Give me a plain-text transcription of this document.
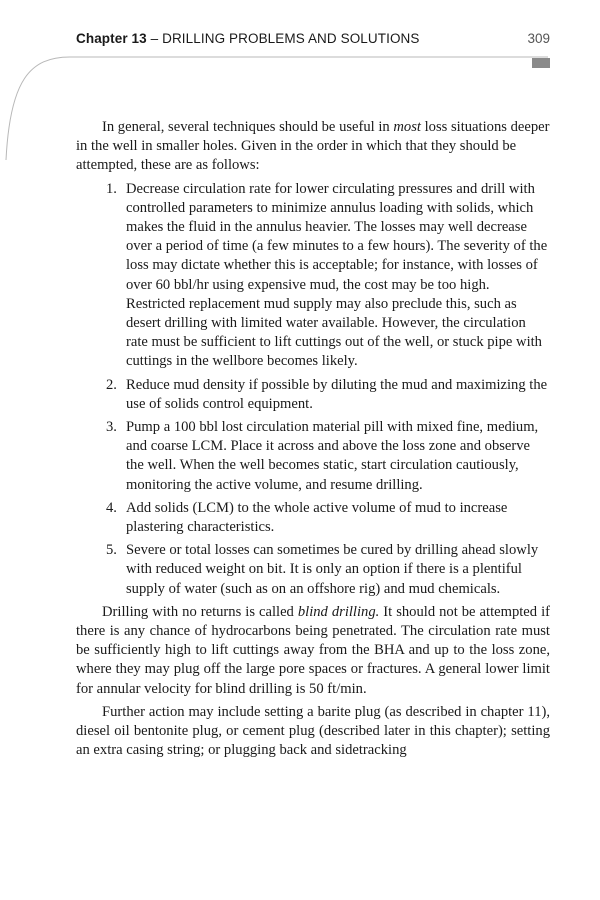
Chapter 13 – DRILLING PROBLEMS AND SOLUTIONS	309

In general, several techniques should be useful in most loss situations deeper in the well in smaller holes. Given in the order in which that they should be attempted, these are as follows:

1. Decrease circulation rate for lower circulating pressures and drill with controlled parameters to minimize annulus loading with solids, which makes the fluid in the annulus heavier. The losses may well decrease over a period of time (a few minutes to a few hours). The severity of the loss may dictate whether this is acceptable; for instance, with losses of over 60 bbl/hr using expensive mud, the cost may be too high. Restricted replacement mud supply may also preclude this, such as desert drilling with limited water available. However, the circulation rate must be sufficient to lift cuttings out of the well, or stuck pipe with cuttings in the wellbore becomes likely.
2. Reduce mud density if possible by diluting the mud and maximizing the use of solids control equipment.
3. Pump a 100 bbl lost circulation material pill with mixed fine, medium, and coarse LCM. Place it across and above the loss zone and observe the well. When the well becomes static, start circulation cautiously, monitoring the active volume, and resume drilling.
4. Add solids (LCM) to the whole active volume of mud to increase plastering characteristics.
5. Severe or total losses can sometimes be cured by drilling ahead slowly with reduced weight on bit. It is only an option if there is a plentiful supply of water (such as on an offshore rig) and mud chemicals.

Drilling with no returns is called blind drilling. It should not be attempted if there is any chance of hydrocarbons being penetrated. The circulation rate must be sufficiently high to lift cuttings away from the BHA and up to the loss zone, where they may plug off the large pore spaces or fractures. A general lower limit for annular velocity for blind drilling is 50 ft/min.

Further action may include setting a barite plug (as described in chapter 11), diesel oil bentonite plug, or cement plug (described later in this chapter); setting an extra casing string; or plugging back and sidetracking
